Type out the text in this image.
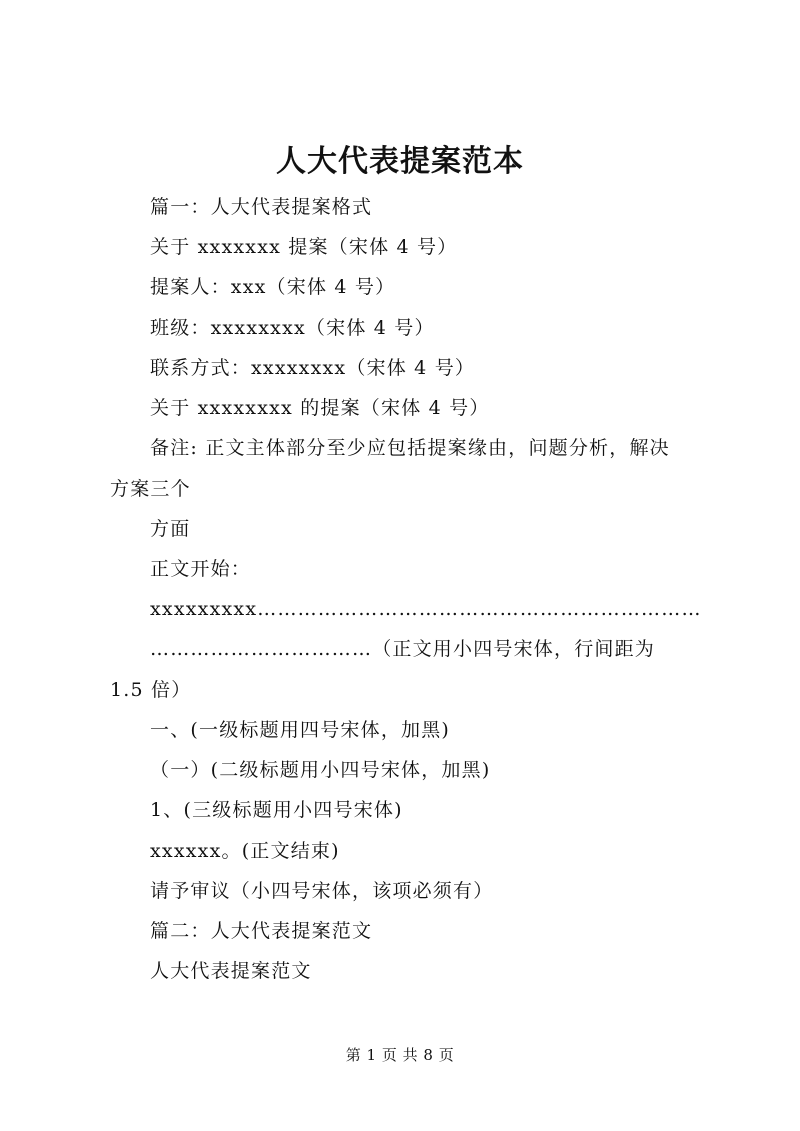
人大代表提案范本
篇一：人大代表提案格式
关于 xxxxxxx 提案（宋体 4 号）
提案人：xxx（宋体 4 号）
班级：xxxxxxxx（宋体 4 号）
联系方式：xxxxxxxx（宋体 4 号）
关于 xxxxxxxx 的提案（宋体 4 号）
备注: 正文主体部分至少应包括提案缘由，问题分析，解决
方案三个
方面
正文开始：
xxxxxxxxx…………………………………………………………
……………………………（正文用小四号宋体，行间距为
1.5 倍）
一、(一级标题用四号宋体，加黑)
（一）(二级标题用小四号宋体，加黑)
1、(三级标题用小四号宋体)
xxxxxx。(正文结束)
请予审议（小四号宋体，该项必须有）
篇二：人大代表提案范文
人大代表提案范文
第 1 页 共 8 页
